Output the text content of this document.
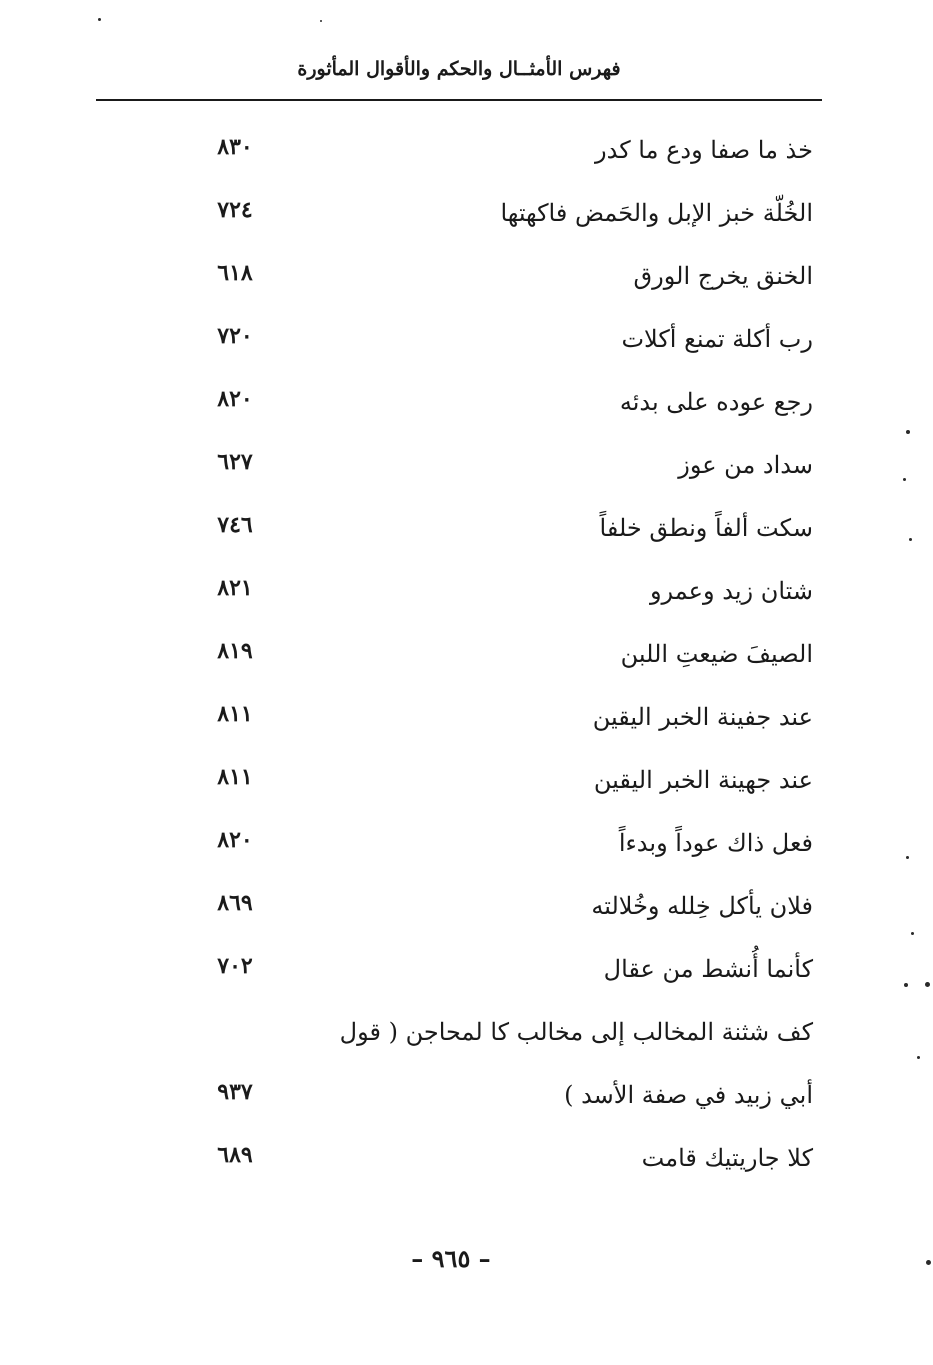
فهرس الأمثــال والحكم والأقوال المأثورة
خذ ما صفا ودع ما كدر
٨٣٠
الخُلّة خبز الإبل والحَمض فاكهتها
٧٢٤
الخنق يخرج الورق
٦١٨
رب أكلة تمنع أكلات
٧٢٠
رجع عوده على بدئه
٨٢٠
سداد من عوز
٦٢٧
سكت ألفاً ونطق خلفاً
٧٤٦
شتان زيد وعمرو
٨٢١
الصيفَ ضيعتِ اللبن
٨١٩
عند جفينة الخبر اليقين
٨١١
عند جهينة الخبر اليقين
٨١١
فعل ذاك عوداً وبدءاً
٨٢٠
فلان يأكل خِلله وخُلالته
٨٦٩
كأنما أُنشط من عقال
٧٠٢
كف شثنة المخالب إلى مخالب كا لمحاجن ( قول
أبي زبيد في صفة الأسد )
٩٣٧
كلا جاريتيك قامت
٦٨٩
– ٩٦٥ –
